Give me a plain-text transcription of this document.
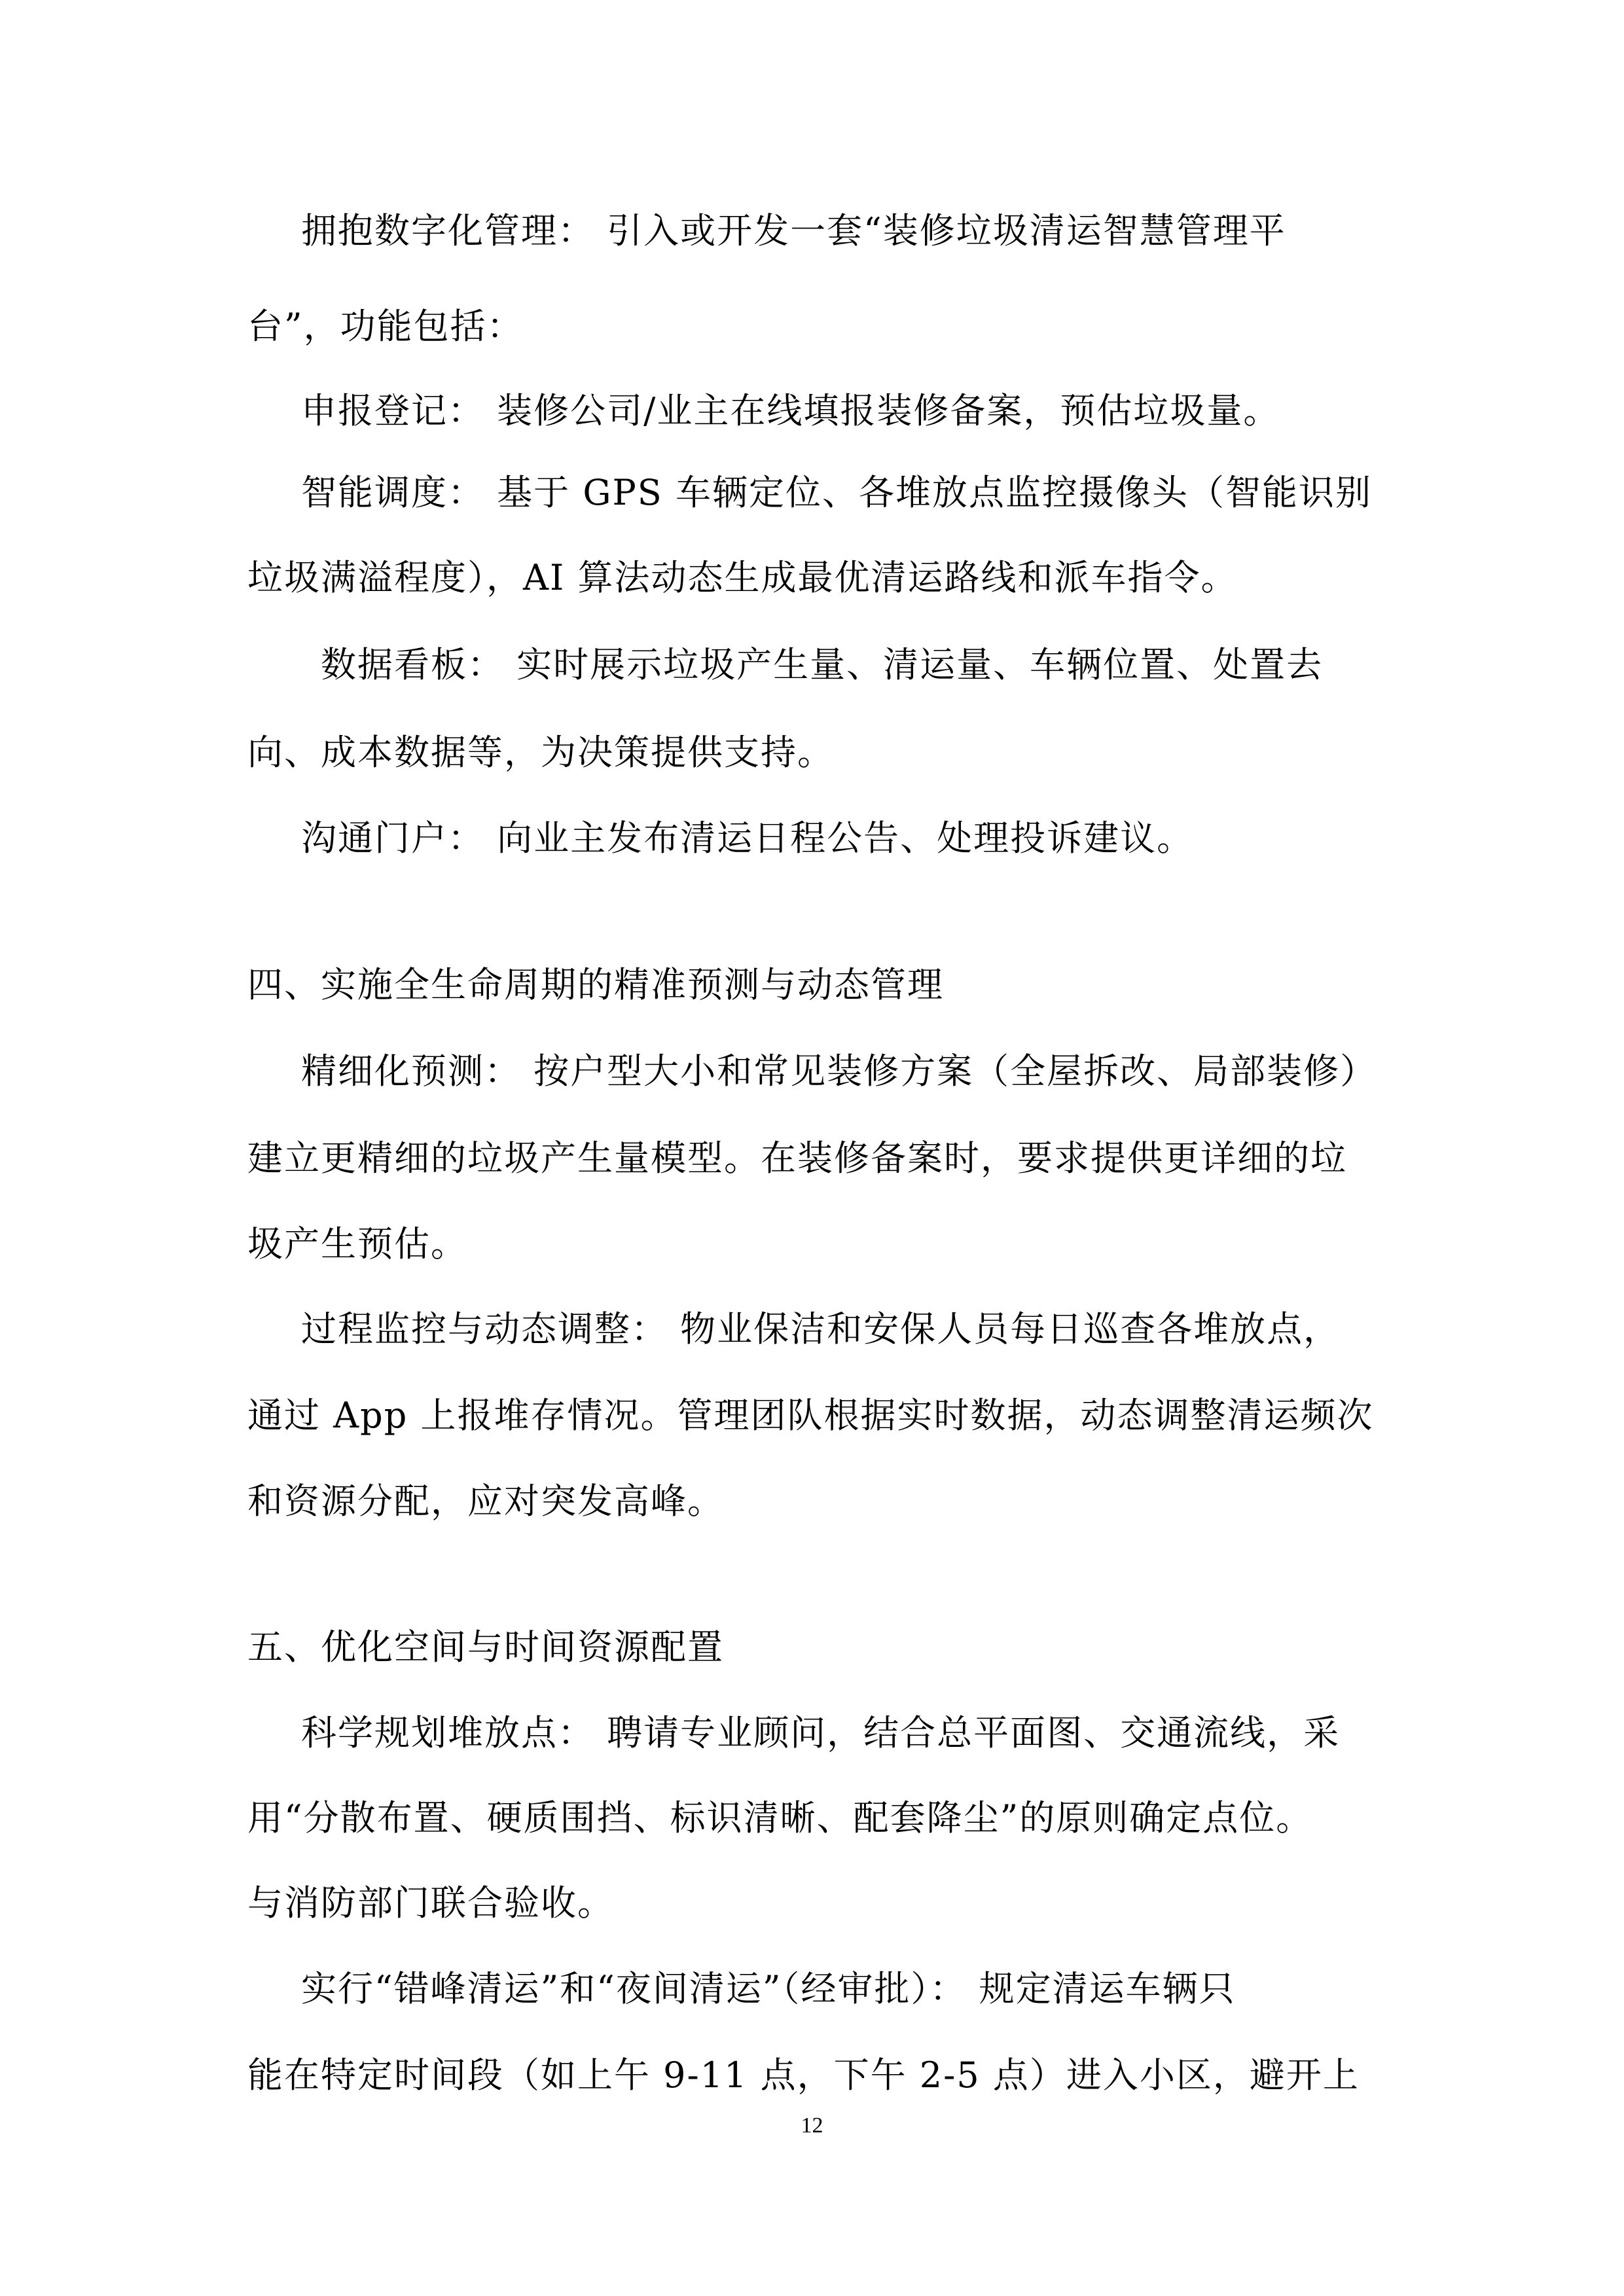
拥抱数字化管理： 引入或开发一套“装修垃圾清运智慧管理平
台”，功能包括：
申报登记： 装修公司/业主在线填报装修备案，预估垃圾量。
智能调度： 基于 GPS 车辆定位、各堆放点监控摄像头（智能识别
垃圾满溢程度），AI 算法动态生成最优清运路线和派车指令。
数据看板： 实时展示垃圾产生量、清运量、车辆位置、处置去
向、成本数据等，为决策提供支持。
沟通门户： 向业主发布清运日程公告、处理投诉建议。
四、实施全生命周期的精准预测与动态管理
精细化预测： 按户型大小和常见装修方案（全屋拆改、局部装修）
建立更精细的垃圾产生量模型。在装修备案时，要求提供更详细的垃
圾产生预估。
过程监控与动态调整： 物业保洁和安保人员每日巡查各堆放点，
通过 App 上报堆存情况。管理团队根据实时数据，动态调整清运频次
和资源分配，应对突发高峰。
五、优化空间与时间资源配置
科学规划堆放点： 聘请专业顾问，结合总平面图、交通流线，采
用“分散布置、硬质围挡、标识清晰、配套降尘”的原则确定点位。
与消防部门联合验收。
实行“错峰清运”和“夜间清运”（经审批）： 规定清运车辆只
能在特定时间段（如上午 9-11 点，下午 2-5 点）进入小区，避开上
12
